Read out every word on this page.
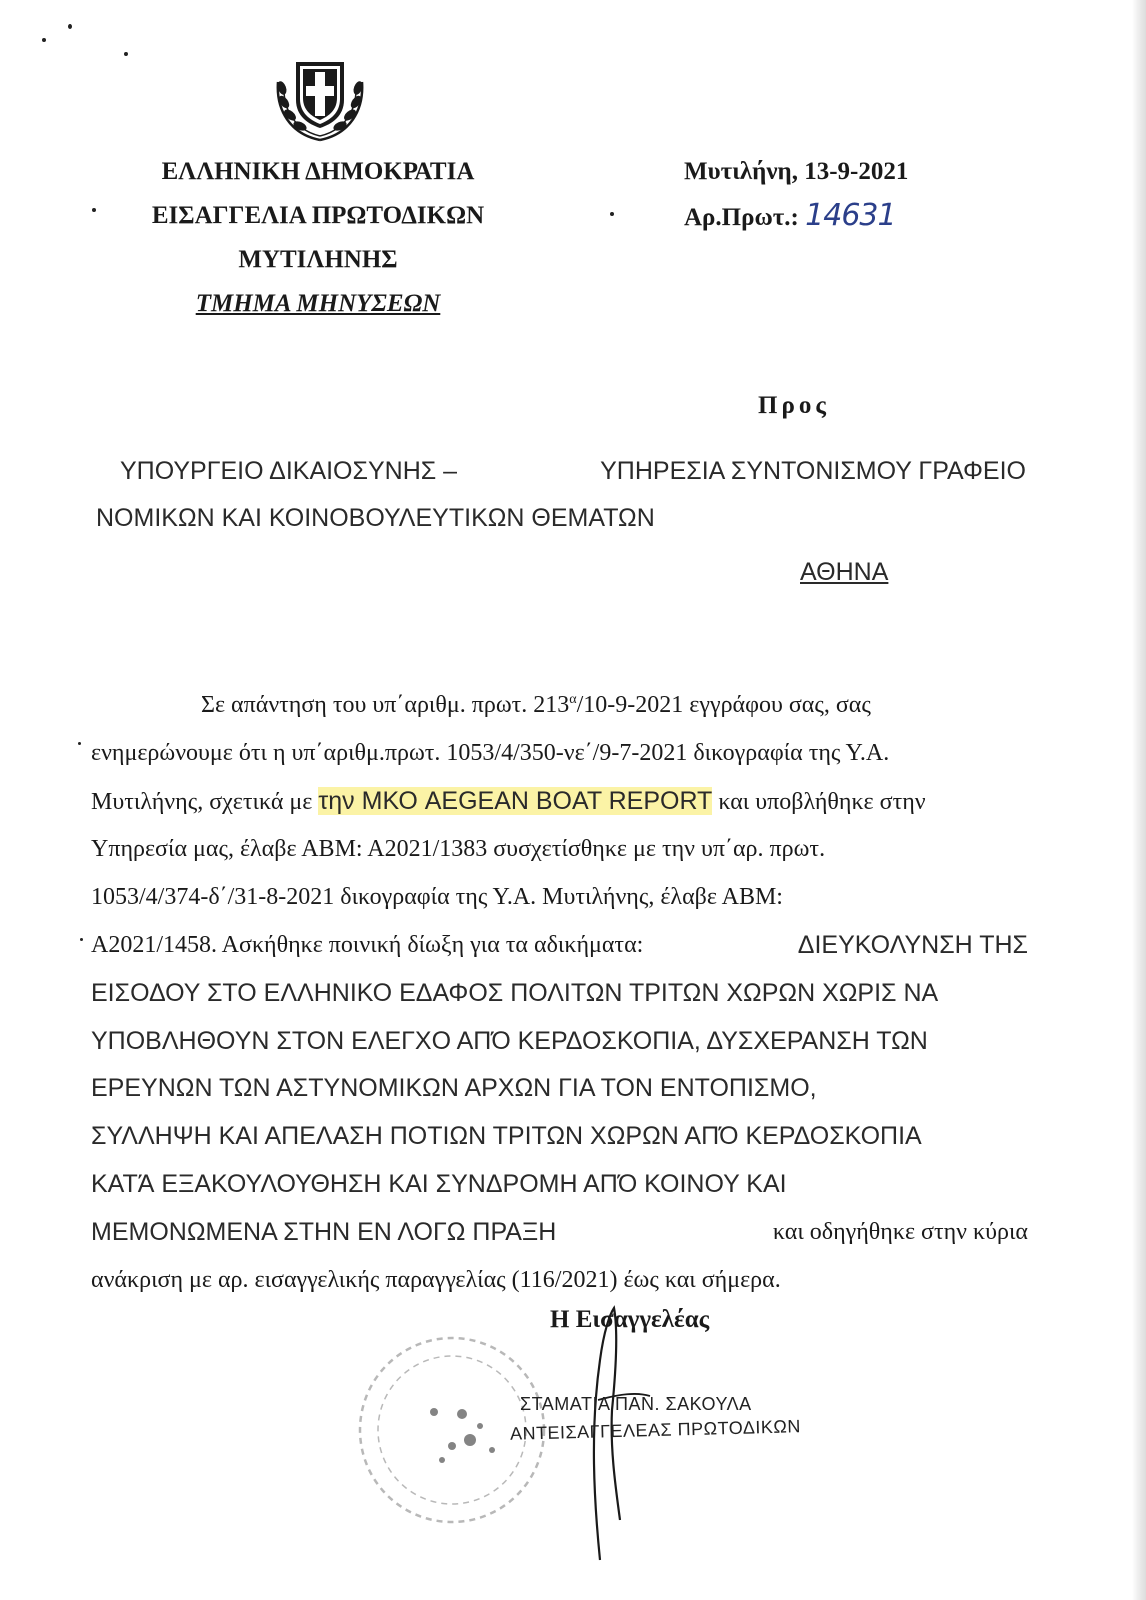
ΕΛΛΗΝΙΚΗ ΔΗΜΟΚΡΑΤΙΑ
ΕΙΣΑΓΓΕΛΙΑ ΠΡΩΤΟΔΙΚΩΝ
ΜΥΤΙΛΗΝΗΣ
ΤΜΗΜΑ ΜΗΝΥΣΕΩΝ
Μυτιλήνη, 13-9-2021
Αρ.Πρωτ.: 14631
Προς
ΥΠΟΥΡΓΕΙΟ ΔΙΚΑΙΟΣΥΝΗΣ –	ΥΠΗΡΕΣΙΑ ΣΥΝΤΟΝΙΣΜΟΥ ΓΡΑΦΕΙΟ
ΝΟΜΙΚΩΝ ΚΑΙ ΚΟΙΝΟΒΟΥΛΕΥΤΙΚΩΝ ΘΕΜΑΤΩΝ
ΑΘΗΝΑ
Σε απάντηση του υπ΄αριθμ. πρωτ. $213^\alpha/10-9-2021$ εγγράφου σας, σας
ενημερώνουμε ότι η υπ΄αριθμ.πρωτ. 1053/4/350-νε΄/9-7-2021 δικογραφία της Υ.Α.
Μυτιλήνης, σχετικά με την ΜΚΟ AEGEAN BOAT REPORT και υποβλήθηκε στην
Υπηρεσία μας, έλαβε ΑΒΜ: Α2021/1383 συσχετίσθηκε με την υπ΄αρ. πρωτ.
1053/4/374-δ΄/31-8-2021 δικογραφία της Υ.Α. Μυτιλήνης, έλαβε ΑΒΜ:
Α2021/1458. Ασκήθηκε ποινική δίωξη για τα αδικήματα:	ΔΙΕΥΚΟΛΥΝΣΗ ΤΗΣ
ΕΙΣΟΔΟΥ ΣΤΟ ΕΛΛΗΝΙΚΟ ΕΔΑΦΟΣ ΠΟΛΙΤΩΝ ΤΡΙΤΩΝ ΧΩΡΩΝ ΧΩΡΙΣ ΝΑ
ΥΠΟΒΛΗΘΟΥΝ ΣΤΟΝ ΕΛΕΓΧΟ ΑΠΌ ΚΕΡΔΟΣΚΟΠΙΑ, ΔΥΣΧΕΡΑΝΣΗ ΤΩΝ
ΕΡΕΥΝΩΝ ΤΩΝ ΑΣΤΥΝΟΜΙΚΩΝ ΑΡΧΩΝ ΓΙΑ ΤΟΝ ΕΝΤΟΠΙΣΜΟ,
ΣΥΛΛΗΨΗ ΚΑΙ ΑΠΕΛΑΣΗ ΠΟΤΙΩΝ ΤΡΙΤΩΝ ΧΩΡΩΝ ΑΠΌ ΚΕΡΔΟΣΚΟΠΙΑ
ΚΑΤΆ ΕΞΑΚΟΥΛΟΥΘΗΣΗ ΚΑΙ ΣΥΝΔΡΟΜΗ ΑΠΌ ΚΟΙΝΟΥ ΚΑΙ
ΜΕΜΟΝΩΜΕΝΑ ΣΤΗΝ ΕΝ ΛΟΓΩ ΠΡΑΞΗ	και οδηγήθηκε στην κύρια
ανάκριση με αρ. εισαγγελικής παραγγελίας (116/2021) έως και σήμερα.
Η Εισαγγελέας
ΣΤΑΜΑΤΙΑ ΠΑΝ. ΣΑΚΟΥΛΑ
ΑΝΤΕΙΣΑΓΓΕΛΕΑΣ ΠΡΩΤΟΔΙΚΩΝ
